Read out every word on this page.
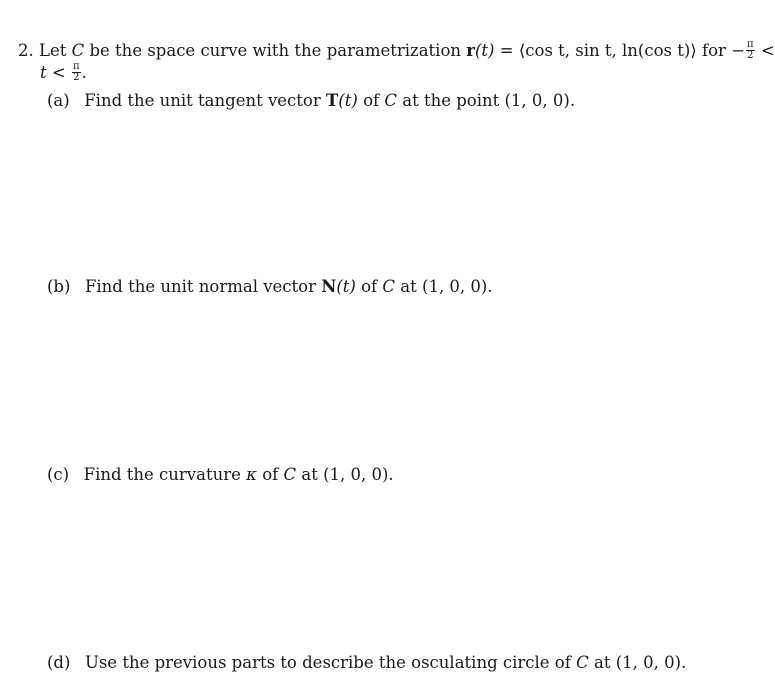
2. Let C be the space curve with the parametrization r(t) = ⟨cos t, sin t, ln(cos t)⟩ for − $\frac{\pi}{2}$ <
$t < \frac{\pi}{2}$ .
(a) Find the unit tangent vector T(t) of C at the point (1, 0, 0).
(b) Find the unit normal vector N(t) of C at (1, 0, 0).
(c) Find the curvature κ of C at (1, 0, 0).
(d) Use the previous parts to describe the osculating circle of C at (1, 0, 0).
